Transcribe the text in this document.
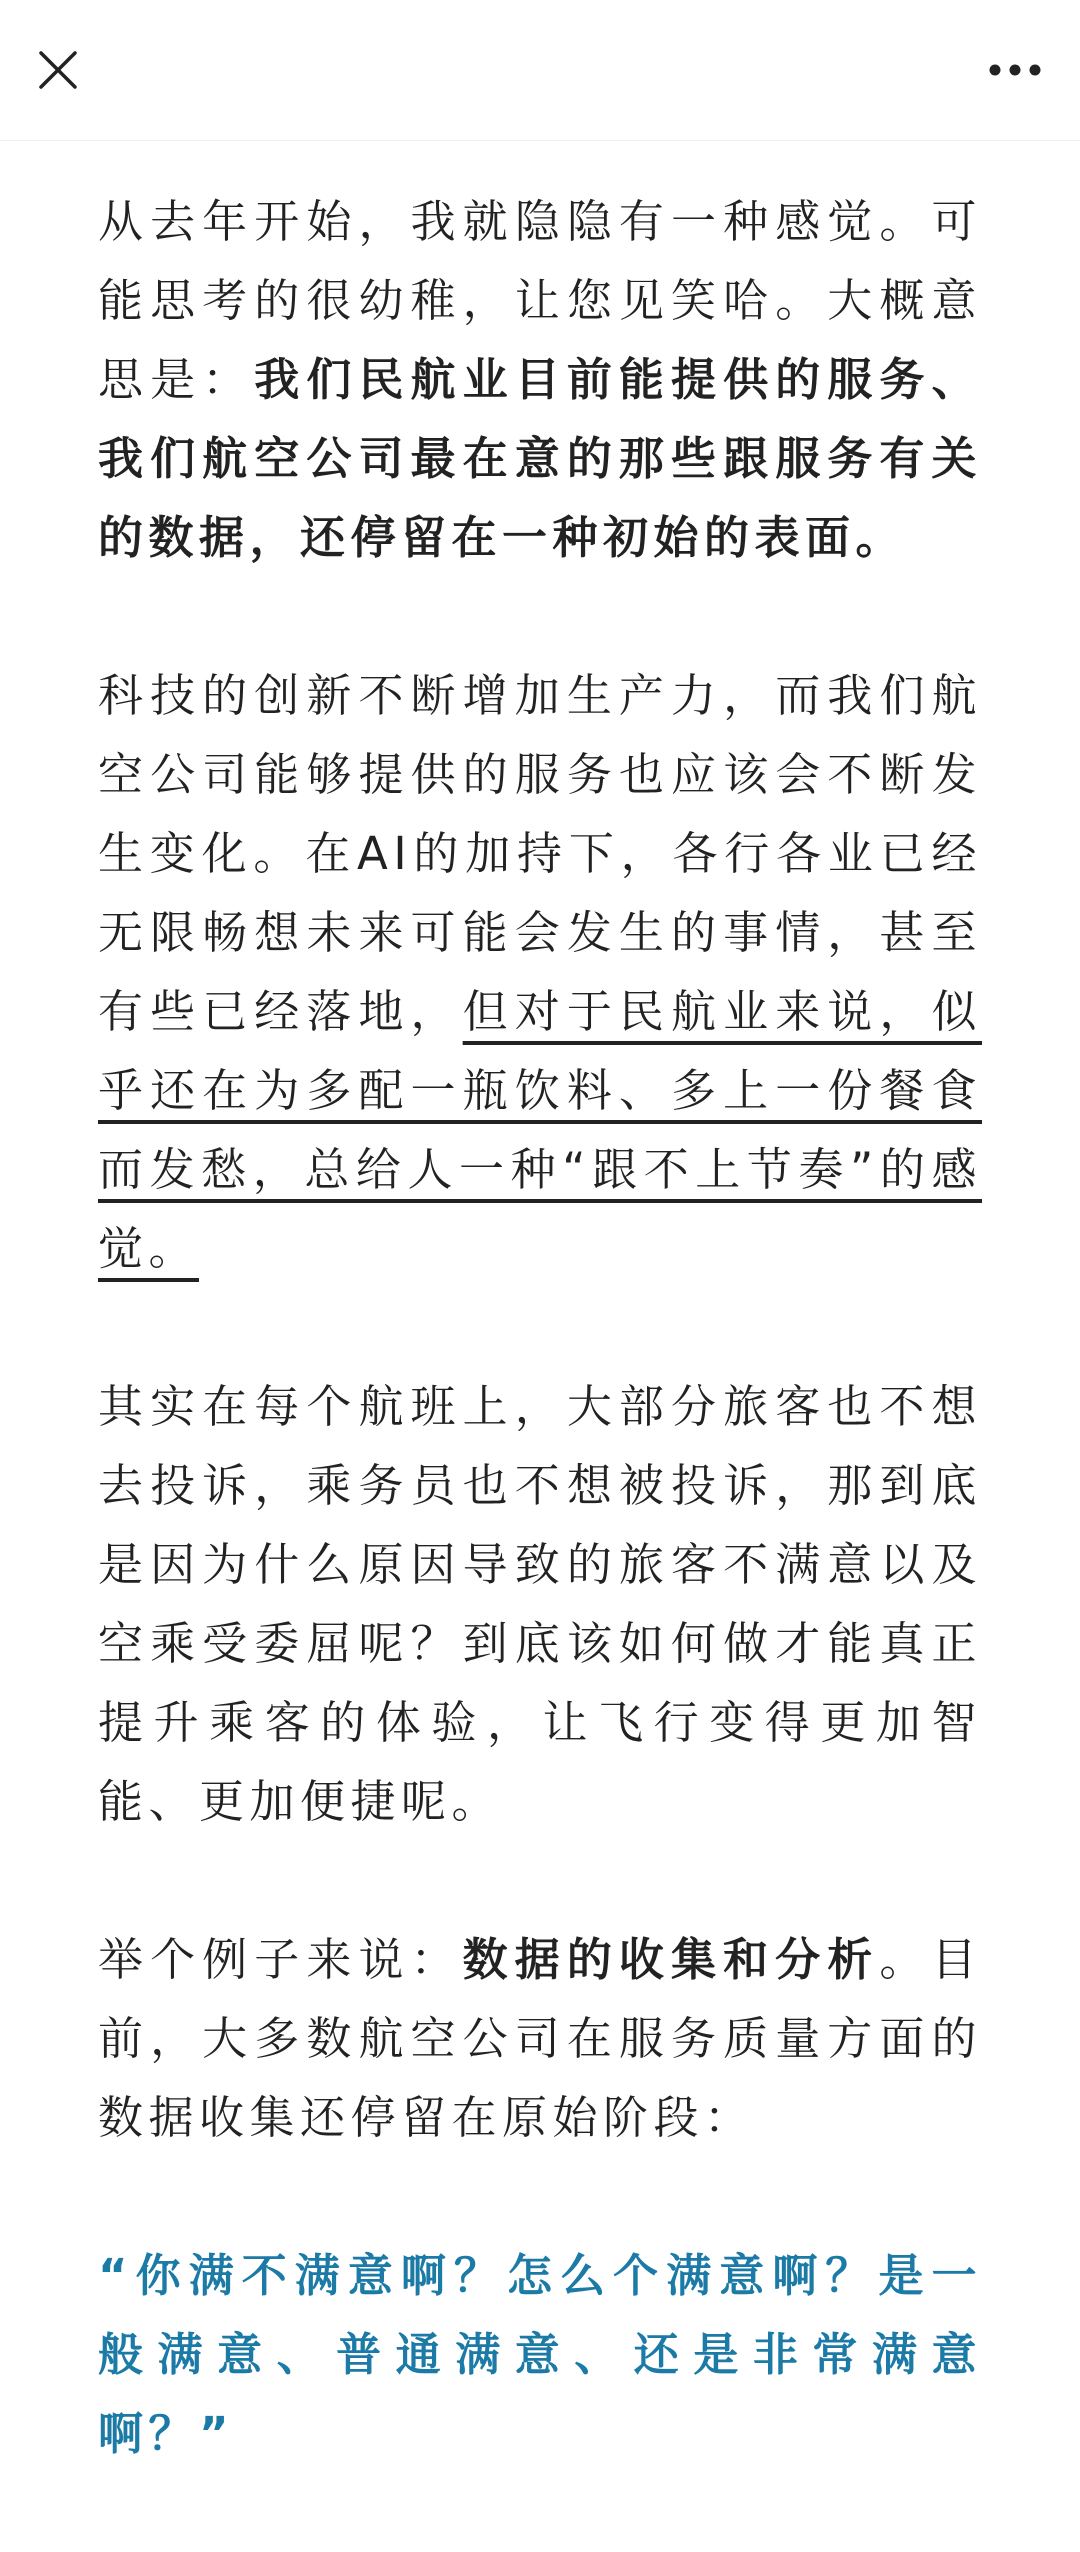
从去年开始，我就隐隐有一种感觉。可能思考的很幼稚，让您见笑哈。大概意思是：我们民航业目前能提供的服务、我们航空公司最在意的那些跟服务有关的数据，还停留在一种初始的表面。

科技的创新不断增加生产力，而我们航空公司能够提供的服务也应该会不断发生变化。在AI的加持下，各行各业已经无限畅想未来可能会发生的事情，甚至有些已经落地，但对于民航业来说，似乎还在为多配一瓶饮料、多上一份餐食而发愁，总给人一种“跟不上节奏”的感觉。

其实在每个航班上，大部分旅客也不想去投诉，乘务员也不想被投诉，那到底是因为什么原因导致的旅客不满意以及空乘受委屈呢？到底该如何做才能真正提升乘客的体验，让飞行变得更加智能、更加便捷呢。

举个例子来说：数据的收集和分析。目前，大多数航空公司在服务质量方面的数据收集还停留在原始阶段：

“你满不满意啊？怎么个满意啊？是一般满意、普通满意、还是非常满意啊？”
